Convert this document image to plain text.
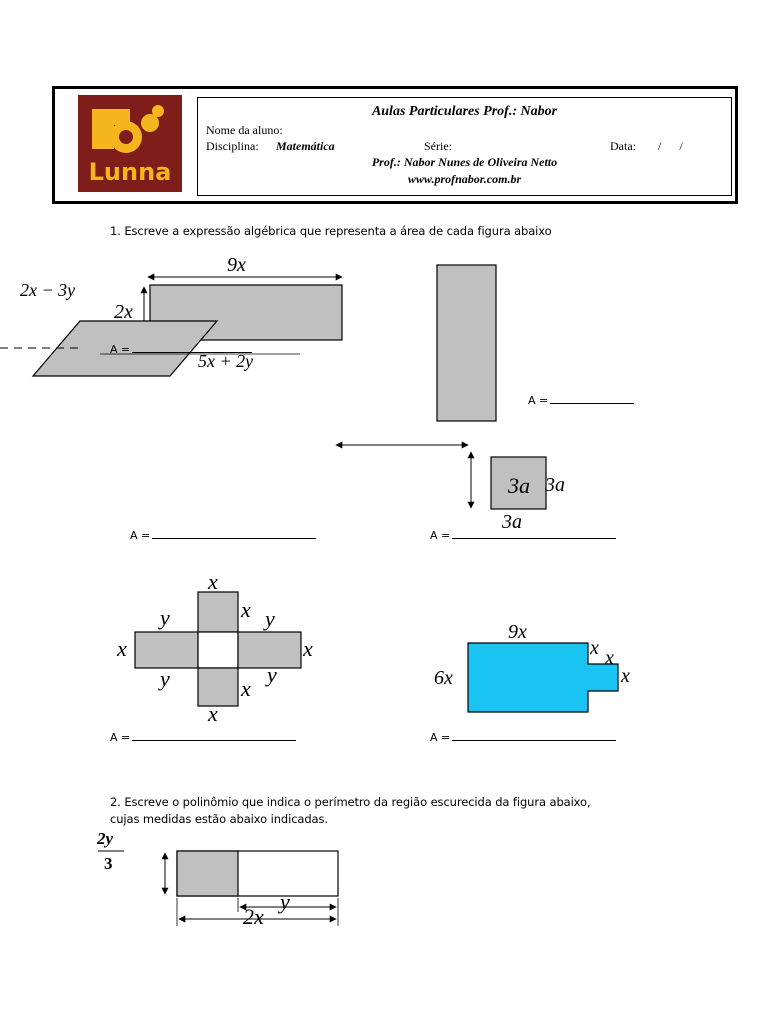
Lunna
Aulas Particulares Prof.: Nabor
Nome da aluno:
Disciplina: Matemática	Série:	Data: /      /
Prof.: Nabor Nunes de Oliveira Netto
www.profnabor.com.br
1. Escreve a expressão algébrica que representa a área de cada figura abaixo
9x
2x
2x − 3y
5x + 2y
3a 3a
3a
x
x
x	x
y	y
y	y
x
x
9x
6x
x x
x
A =
A =
A =	A =
A =	A =
2. Escreve o polinômio que indica o perímetro da região escurecida da figura abaixo,
cujas medidas estão abaixo indicadas.
2y
3
y
2x
